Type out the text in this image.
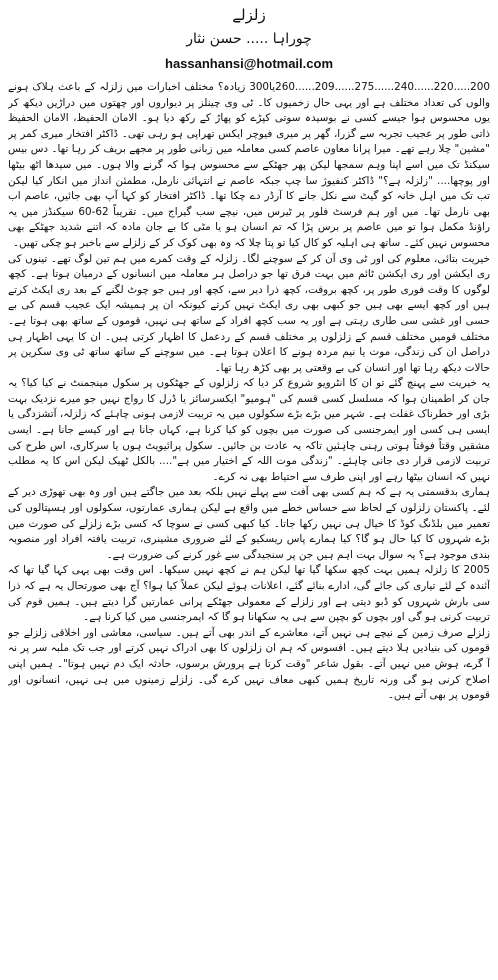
زلزلے
چوراہا ..... حسن نثار
hassanhansi@hotmail.com

200.....220......240......275......209......260یا300 زیادہ؟ مختلف اخبارات میں زلزلہ کے باعث ہلاک ہونے والوں کی تعداد مختلف ہے اور یہی حال زخمیوں کا۔ ٹی وی چینلز پر دیواروں اور چھتوں میں دراڑیں دیکھ کر یوں محسوس ہوا جیسے کسی نے بوسیدہ سوتی کپڑے کو پھاڑ کے رکھ دیا ہو۔ الامان الحفیظ، الامان الحفیظ ذاتی طور پر عجیب تجربہ سے گزرا، گھر پر میری فیوچر ایکس تھراپی ہو رہی تھی۔ ڈاکٹر افتخار میری کمر پر "مشین" چلا رہے تھے۔ میرا پرانا معاون عاصم کسی معاملہ میں زبانی طور پر مجھے بریف کر رہا تھا۔ دس بیس سیکنڈ تک میں اسے اپنا وہم سمجھا لیکن پھر جھٹکے سے محسوس ہوا کہ گرنے والا ہوں۔ میں سیدھا اٹھ بیٹھا اور پوچھا.... "زلزلہ ہے؟" ڈاکٹر کنفیوژ سا چپ جبکہ عاصم نے انتہائی نارمل، مطمئن انداز میں انکار کیا لیکن تب تک میں اہل خانہ کو گیٹ سے نکل جانے کا آرڈر دے چکا تھا۔ ڈاکٹر افتخار کو کہا آپ بھی جائیں، عاصم اب بھی نارمل تھا۔ میں اور ہم فرسٹ فلور پر ٹیرس میں، نیچے سب گیراج میں۔ تقریباً 62-60 سیکنڈز میں یہ راؤنڈ مکمل ہوا تو میں عاصم پر برس پڑا کہ تم انسان ہو یا مٹی کا بے جان مادہ کہ اتنے شدید جھٹکے بھی محسوس نہیں کئے۔ ساتھ ہی اہلیہ کو کال کیا تو پتا چلا کہ وہ بھی کوک کر کے زلزلے سے باخبر ہو چکی تھیں۔

خیریت بتائی، معلوم کی اور ٹی وی آن کر کے سوچنے لگا۔ زلزلہ کے وقت کمرے میں ہم تین لوگ تھے۔ تینوں کی ری ایکشن اور ری ایکشن ٹائم میں بہت فرق تھا جو دراصل ہر معاملہ میں انسانوں کے درمیان ہوتا ہے۔ کچھ لوگوں کا وقت فوری طور پر، کچھ بروقت، کچھ ذرا دیر سے، کچھ اور ہیں جو چوٹ لگنے کے بعد ری ایکٹ کرتے ہیں اور کچھ ایسے بھی ہیں جو کبھی بھی ری ایکٹ نہیں کرتے کیونکہ ان پر ہمیشہ ایک عجیب قسم کی بے حسی اور غشی سی طاری رہتی ہے اور یہ سب کچھ افراد کے ساتھ ہی نہیں، قوموں کے ساتھ بھی ہوتا ہے۔ مختلف قومیں مختلف قسم کے زلزلوں پر مختلف قسم کے ردعمل کا اظہار کرتی ہیں۔ ان کا یہی اظہار ہی دراصل ان کی زندگی، موت یا نیم مردہ ہونے کا اعلان ہوتا ہے۔ میں سوچنے کے ساتھ ساتھ ٹی وی سکرین پر حالات دیکھ رہا تھا اور انسان کی بے وقعتی پر بھی کڑھ رہا تھا۔

یہ خیریت سے پہنچ گئے تو ان کا انٹرویو شروع کر دیا کہ زلزلوں کے جھٹکوں پر سکول مینجمنٹ نے کیا کیا؟ یہ جان کر اطمینان ہوا کہ مسلسل کسی قسم کی "ہومیو" ایکسرسائز یا ڈرل کا رواج نہیں جو میرے نزدیک بہت بڑی اور خطرناک غفلت ہے۔ شہر میں بڑے بڑے سکولوں میں یہ تربیت لازمی ہونی چاہئے کہ زلزلہ، آتشزدگی یا ایسی ہی کسی اور ایمرجنسی کی صورت میں بچوں کو کیا کرنا ہے، کہاں جانا ہے اور کیسے جانا ہے۔ ایسی مشقیں وقتاً فوقتاً ہوتی رہنی چاہئیں تاکہ یہ عادت بن جائیں۔ سکول پرائیویٹ ہوں یا سرکاری، اس طرح کی تربیت لازمی قرار دی جانی چاہئے۔ "زندگی موت اللہ کے اختیار میں ہے".... بالکل ٹھیک لیکن اس کا یہ مطلب نہیں کہ انسان بیٹھا رہے اور اپنی طرف سے احتیاط بھی نہ کرے۔

ہماری بدقسمتی یہ ہے کہ ہم کسی بھی آفت سے پہلے نہیں بلکہ بعد میں جاگتے ہیں اور وہ بھی تھوڑی دیر کے لئے۔ پاکستان زلزلوں کے لحاظ سے حساس خطے میں واقع ہے لیکن ہماری عمارتوں، سکولوں اور ہسپتالوں کی تعمیر میں بلڈنگ کوڈ کا خیال ہی نہیں رکھا جاتا۔ کیا کبھی کسی نے سوچا کہ کسی بڑے زلزلے کی صورت میں بڑے شہروں کا کیا حال ہو گا؟ کیا ہمارے پاس ریسکیو کے لئے ضروری مشینری، تربیت یافتہ افراد اور منصوبہ بندی موجود ہے؟ یہ سوال بہت اہم ہیں جن پر سنجیدگی سے غور کرنے کی ضرورت ہے۔

2005 کا زلزلہ ہمیں بہت کچھ سکھا گیا تھا لیکن ہم نے کچھ نہیں سیکھا۔ اس وقت بھی یہی کہا گیا تھا کہ آئندہ کے لئے تیاری کی جائے گی، ادارے بنائے گئے، اعلانات ہوئے لیکن عملاً کیا ہوا؟ آج بھی صورتحال یہ ہے کہ ذرا سی بارش شہروں کو ڈبو دیتی ہے اور زلزلے کے معمولی جھٹکے پرانی عمارتیں گرا دیتے ہیں۔ ہمیں قوم کی تربیت کرنی ہو گی اور بچوں کو بچپن سے ہی یہ سکھانا ہو گا کہ ایمرجنسی میں کیا کرنا ہے۔

زلزلے صرف زمین کے نیچے ہی نہیں آتے، معاشرے کے اندر بھی آتے ہیں۔ سیاسی، معاشی اور اخلاقی زلزلے جو قوموں کی بنیادیں ہلا دیتے ہیں۔ افسوس کہ ہم ان زلزلوں کا بھی ادراک نہیں کرتے اور جب تک ملبہ سر پر نہ آ گرے، ہوش میں نہیں آتے۔ بقول شاعر "وقت کرتا ہے پرورش برسوں، حادثہ ایک دم نہیں ہوتا"۔ ہمیں اپنی اصلاح کرنی ہو گی ورنہ تاریخ ہمیں کبھی معاف نہیں کرے گی۔ زلزلے زمینوں میں ہی نہیں، انسانوں اور قوموں پر بھی آتے ہیں۔
